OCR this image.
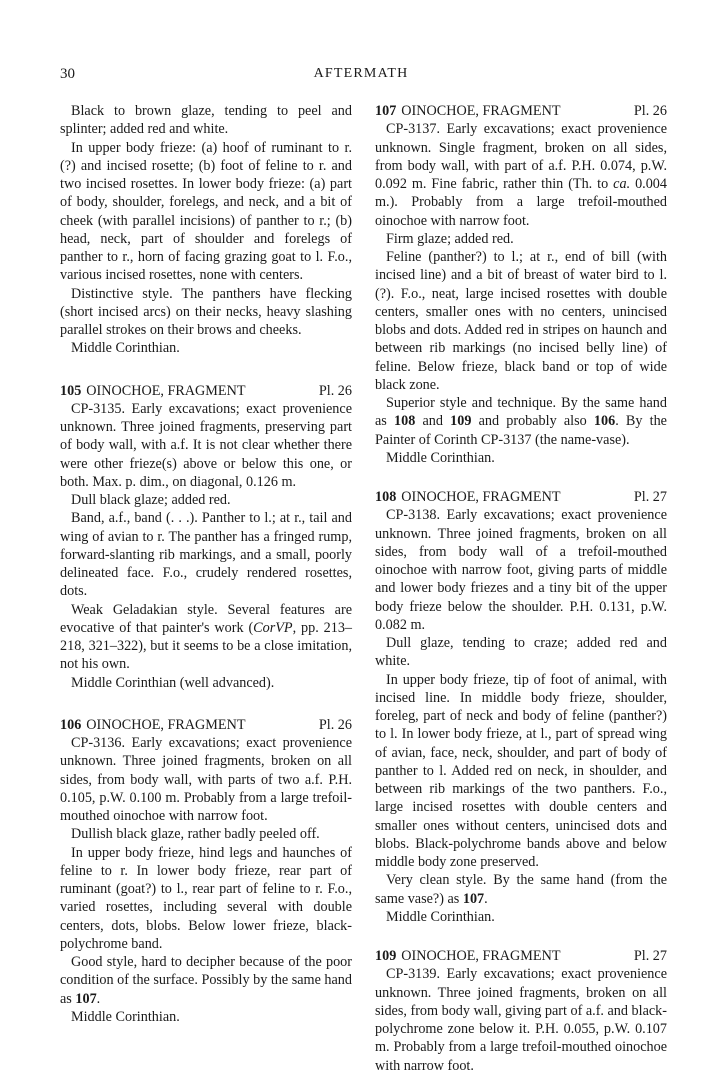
30	AFTERMATH

Black to brown glaze, tending to peel and splinter; added red and white.

In upper body frieze: (a) hoof of ruminant to r. (?) and incised rosette; (b) foot of feline to r. and two incised rosettes. In lower body frieze: (a) part of body, shoulder, forelegs, and neck, and a bit of cheek (with parallel incisions) of panther to r.; (b) head, neck, part of shoulder and forelegs of panther to r., horn of facing grazing goat to l. F.o., various incised rosettes, none with centers.

Distinctive style. The panthers have flecking (short incised arcs) on their necks, heavy slashing parallel strokes on their brows and cheeks.

Middle Corinthian.

105 OINOCHOE, FRAGMENT	Pl. 26

CP-3135. Early excavations; exact provenience unknown. Three joined fragments, preserving part of body wall, with a.f. It is not clear whether there were other frieze(s) above or below this one, or both. Max. p. dim., on diagonal, 0.126 m.

Dull black glaze; added red.

Band, a.f., band (. . .). Panther to l.; at r., tail and wing of avian to r. The panther has a fringed rump, forward-slanting rib markings, and a small, poorly delineated face. F.o., crudely rendered rosettes, dots.

Weak Geladakian style. Several features are evocative of that painter's work (CorVP, pp. 213–218, 321–322), but it seems to be a close imitation, not his own.

Middle Corinthian (well advanced).

106 OINOCHOE, FRAGMENT	Pl. 26

CP-3136. Early excavations; exact provenience unknown. Three joined fragments, broken on all sides, from body wall, with parts of two a.f. P.H. 0.105, p.W. 0.100 m. Probably from a large trefoil-mouthed oinochoe with narrow foot.

Dullish black glaze, rather badly peeled off.

In upper body frieze, hind legs and haunches of feline to r. In lower body frieze, rear part of ruminant (goat?) to l., rear part of feline to r. F.o., varied rosettes, including several with double centers, dots, blobs. Below lower frieze, black-polychrome band.

Good style, hard to decipher because of the poor condition of the surface. Possibly by the same hand as 107.

Middle Corinthian.

107 OINOCHOE, FRAGMENT	Pl. 26

CP-3137. Early excavations; exact provenience unknown. Single fragment, broken on all sides, from body wall, with part of a.f. P.H. 0.074, p.W. 0.092 m. Fine fabric, rather thin (Th. to ca. 0.004 m.). Probably from a large trefoil-mouthed oinochoe with narrow foot.

Firm glaze; added red.

Feline (panther?) to l.; at r., end of bill (with incised line) and a bit of breast of water bird to l. (?). F.o., neat, large incised rosettes with double centers, smaller ones with no centers, unincised blobs and dots. Added red in stripes on haunch and between rib markings (no incised belly line) of feline. Below frieze, black band or top of wide black zone.

Superior style and technique. By the same hand as 108 and 109 and probably also 106. By the Painter of Corinth CP-3137 (the name-vase).

Middle Corinthian.

108 OINOCHOE, FRAGMENT	Pl. 27

CP-3138. Early excavations; exact provenience unknown. Three joined fragments, broken on all sides, from body wall of a trefoil-mouthed oinochoe with narrow foot, giving parts of middle and lower body friezes and a tiny bit of the upper body frieze below the shoulder. P.H. 0.131, p.W. 0.082 m.

Dull glaze, tending to craze; added red and white.

In upper body frieze, tip of foot of animal, with incised line. In middle body frieze, shoulder, foreleg, part of neck and body of feline (panther?) to l. In lower body frieze, at l., part of spread wing of avian, face, neck, shoulder, and part of body of panther to l. Added red on neck, in shoulder, and between rib markings of the two panthers. F.o., large incised rosettes with double centers and smaller ones without centers, unincised dots and blobs. Black-polychrome bands above and below middle body zone preserved.

Very clean style. By the same hand (from the same vase?) as 107.

Middle Corinthian.

109 OINOCHOE, FRAGMENT	Pl. 27

CP-3139. Early excavations; exact provenience unknown. Three joined fragments, broken on all sides, from body wall, giving part of a.f. and black-polychrome zone below it. P.H. 0.055, p.W. 0.107 m. Probably from a large trefoil-mouthed oinochoe with narrow foot.
